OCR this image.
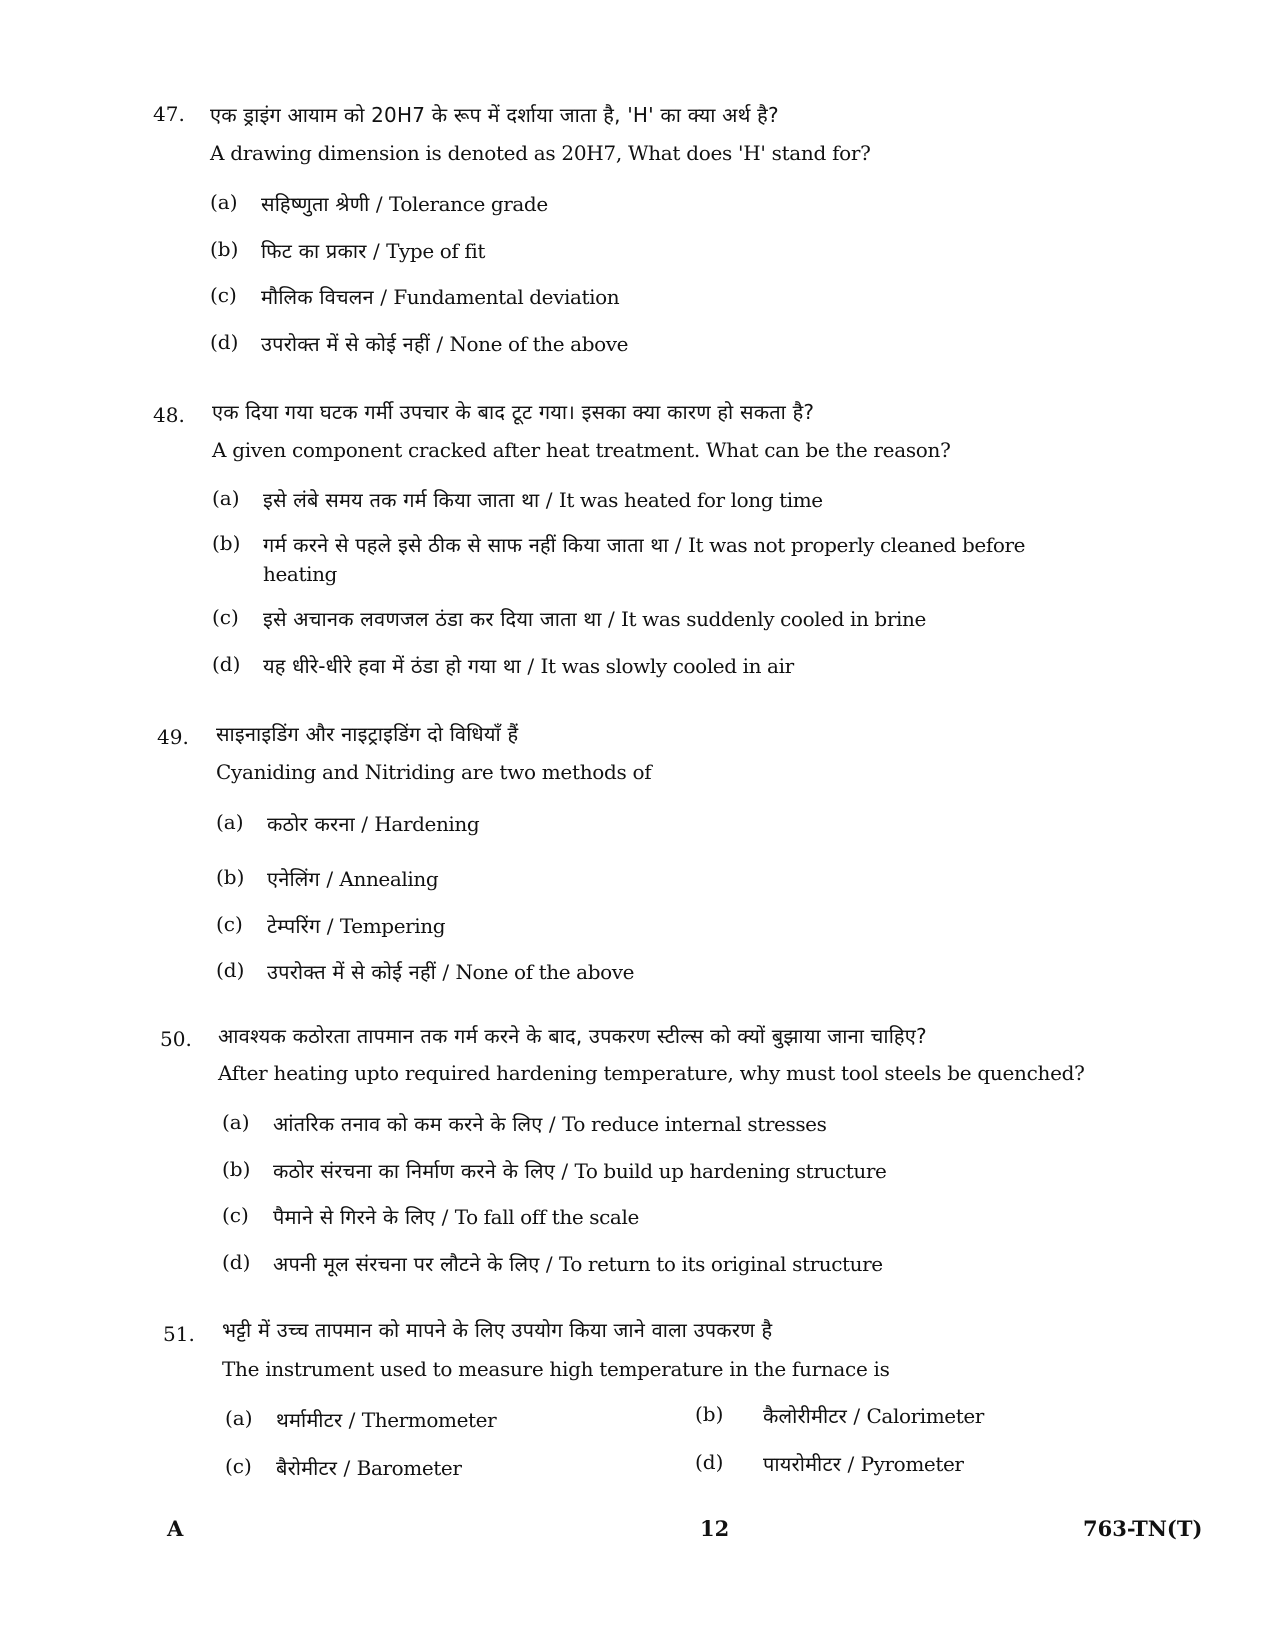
47. एक ड्राइंग आयाम को 20H7 के रूप में दर्शाया जाता है, 'H' का क्या अर्थ है?
A drawing dimension is denoted as 20H7, What does 'H' stand for?
(a) सहिष्णुता श्रेणी / Tolerance grade
(b) फिट का प्रकार / Type of fit
(c) मौलिक विचलन / Fundamental deviation
(d) उपरोक्त में से कोई नहीं / None of the above
48. एक दिया गया घटक गर्मी उपचार के बाद टूट गया। इसका क्या कारण हो सकता है?
A given component cracked after heat treatment. What can be the reason?
(a) इसे लंबे समय तक गर्म किया जाता था / It was heated for long time
(b) गर्म करने से पहले इसे ठीक से साफ नहीं किया जाता था / It was not properly cleaned before
heating
(c) इसे अचानक लवणजल ठंडा कर दिया जाता था / It was suddenly cooled in brine
(d) यह धीरे-धीरे हवा में ठंडा हो गया था / It was slowly cooled in air
49. साइनाइडिंग और नाइट्राइडिंग दो विधियाँ हैं
Cyaniding and Nitriding are two methods of
(a) कठोर करना / Hardening
(b) एनेलिंग / Annealing
(c) टेम्परिंग / Tempering
(d) उपरोक्त में से कोई नहीं / None of the above
50. आवश्यक कठोरता तापमान तक गर्म करने के बाद, उपकरण स्टील्स को क्यों बुझाया जाना चाहिए?
After heating upto required hardening temperature, why must tool steels be quenched?
(a) आंतरिक तनाव को कम करने के लिए / To reduce internal stresses
(b) कठोर संरचना का निर्माण करने के लिए / To build up hardening structure
(c) पैमाने से गिरने के लिए / To fall off the scale
(d) अपनी मूल संरचना पर लौटने के लिए / To return to its original structure
51. भट्टी में उच्च तापमान को मापने के लिए उपयोग किया जाने वाला उपकरण है
The instrument used to measure high temperature in the furnace is
(a) थर्मामीटर / Thermometer	(b) कैलोरीमीटर / Calorimeter
(c) बैरोमीटर / Barometer	(d) पायरोमीटर / Pyrometer
A	12	763-TN(T)
